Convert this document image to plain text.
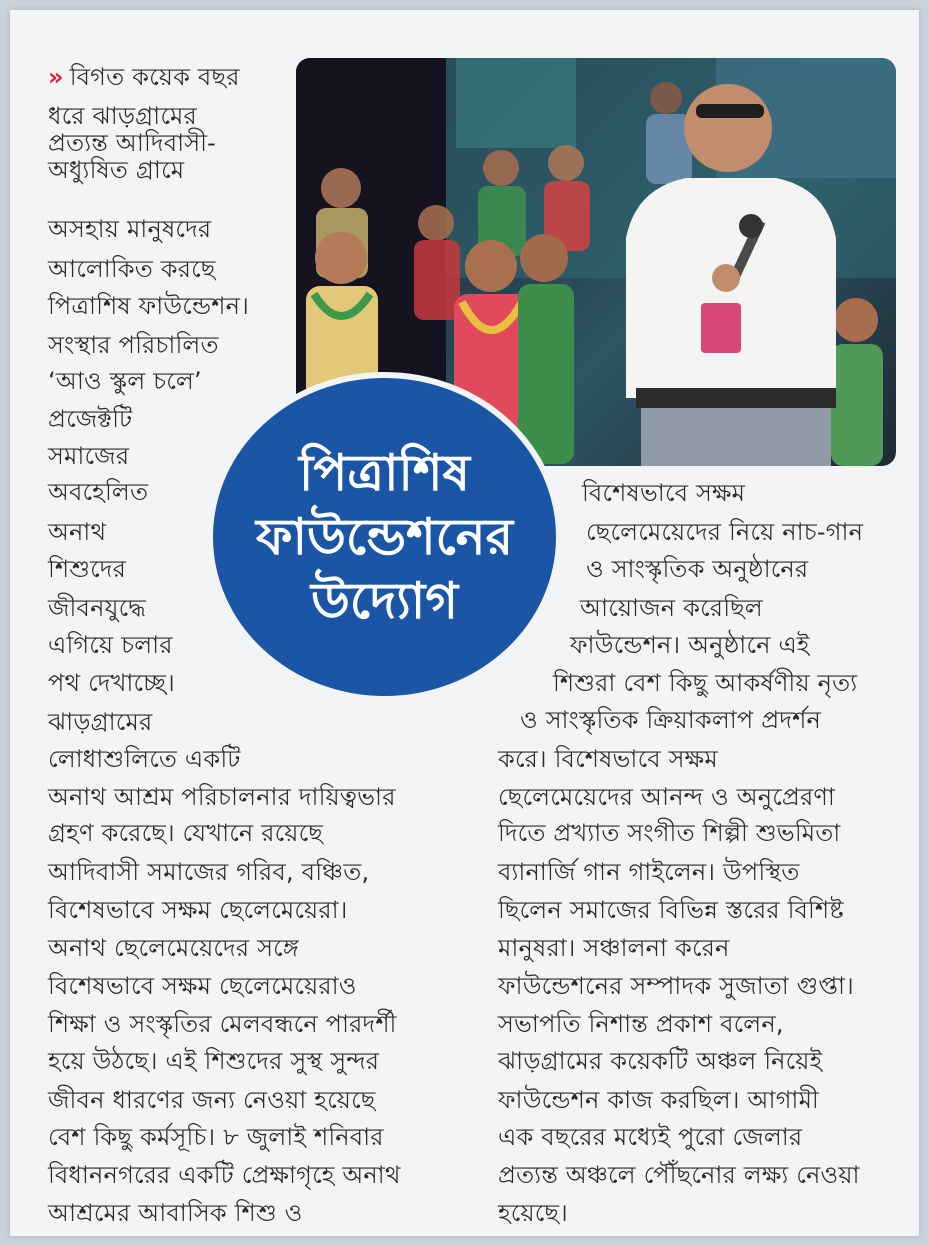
পিত্রাশিষ
ফাউন্ডেশনের
উদ্যোগ
» বিগত কয়েক বছর
ধরে ঝাড়গ্রামের
প্রত্যন্ত আদিবাসী-
অধ্যুষিত গ্রামে
অসহায় মানুষদের
আলোকিত করছে
পিত্রাশিষ ফাউন্ডেশন।
সংস্থার পরিচালিত
‘আও স্কুল চলে’
প্রজেক্টটি
সমাজের
অবহেলিত
অনাথ
শিশুদের
জীবনযুদ্ধে
এগিয়ে চলার
পথ দেখাচ্ছে।
ঝাড়গ্রামের
লোধাশুলিতে একটি
অনাথ আশ্রম পরিচালনার দায়িত্বভার
গ্রহণ করেছে। যেখানে রয়েছে
আদিবাসী সমাজের গরিব, বঞ্চিত,
বিশেষভাবে সক্ষম ছেলেমেয়েরা।
অনাথ ছেলেমেয়েদের সঙ্গে
বিশেষভাবে সক্ষম ছেলেমেয়েরাও
শিক্ষা ও সংস্কৃতির মেলবন্ধনে পারদর্শী
হয়ে উঠছে। এই শিশুদের সুস্থ সুন্দর
জীবন ধারণের জন্য নেওয়া হয়েছে
বেশ কিছু কর্মসূচি। ৮ জুলাই শনিবার
বিধাননগরের একটি প্রেক্ষাগৃহে অনাথ
আশ্রমের আবাসিক শিশু ও
বিশেষভাবে সক্ষম
ছেলেমেয়েদের নিয়ে নাচ-গান
ও সাংস্কৃতিক অনুষ্ঠানের
আয়োজন করেছিল
ফাউন্ডেশন। অনুষ্ঠানে এই
শিশুরা বেশ কিছু আকর্ষণীয় নৃত্য
ও সাংস্কৃতিক ক্রিয়াকলাপ প্রদর্শন
করে। বিশেষভাবে সক্ষম
ছেলেমেয়েদের আনন্দ ও অনুপ্রেরণা
দিতে প্রখ্যাত সংগীত শিল্পী শুভমিতা
ব্যানার্জি গান গাইলেন। উপস্থিত
ছিলেন সমাজের বিভিন্ন স্তরের বিশিষ্ট
মানুষরা। সঞ্চালনা করেন
ফাউন্ডেশনের সম্পাদক সুজাতা গুপ্তা।
সভাপতি নিশান্ত প্রকাশ বলেন,
ঝাড়গ্রামের কয়েকটি অঞ্চল নিয়েই
ফাউন্ডেশন কাজ করছিল। আগামী
এক বছরের মধ্যেই পুরো জেলার
প্রত্যন্ত অঞ্চলে পৌঁছনোর লক্ষ্য নেওয়া
হয়েছে।
